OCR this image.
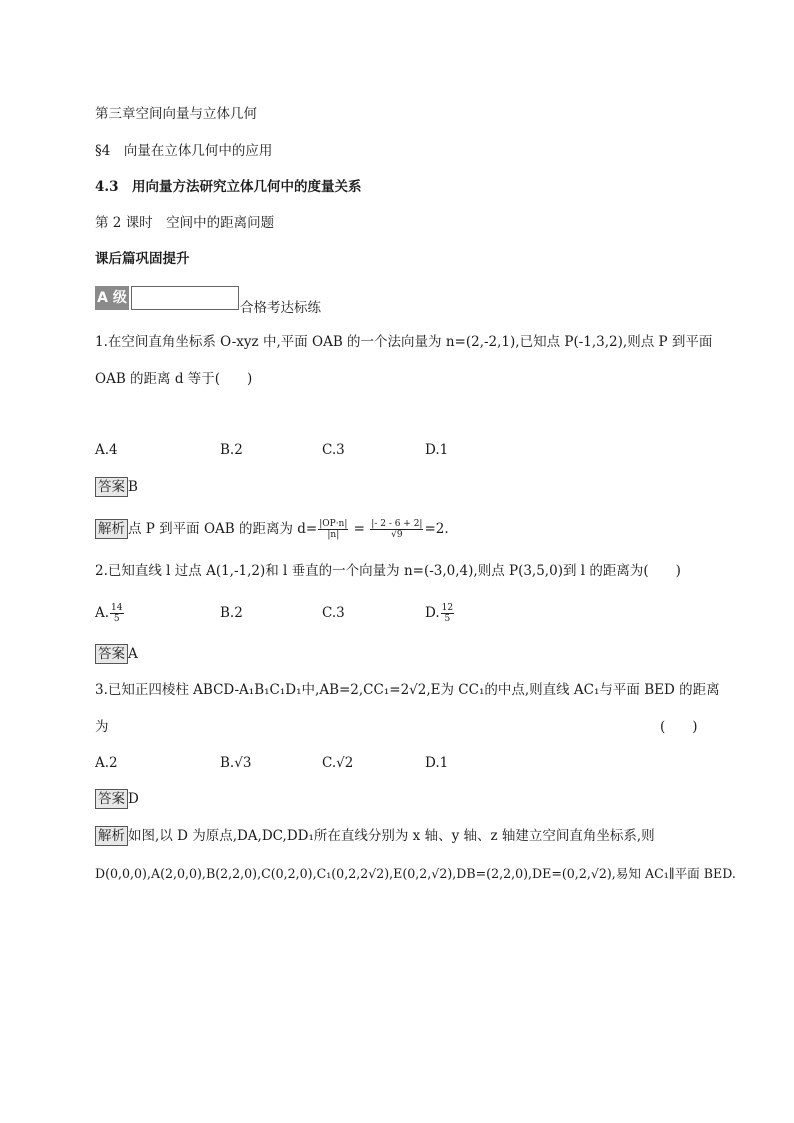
第三章空间向量与立体几何
§4　向量在立体几何中的应用
4.3　用向量方法研究立体几何中的度量关系
第 2 课时　空间中的距离问题
课后篇巩固提升
A 级
合格考达标练
1.在空间直角坐标系 O-xyz 中,平面 OAB 的一个法向量为 n=(2,-2,1),已知点 P(-1,3,2),则点 P 到平面
OAB 的距离 d 等于(　　)
A.4	B.2	C.3	D.1
答案 B
解析 点 P 到平面 OAB 的距离为 $d= \frac{|OP\cdot n|}{|n|} = \frac{|- 2 - 6 + 2|}{√9} =2$.
2.已知直线 l 过点 A(1,-1,2)和 l 垂直的一个向量为 n=(-3,0,4),则点 P(3,5,0)到 l 的距离为(　　)
A. $\frac{14}{5}$	B.2	C.3	D. $\frac{12}{5}$
答案 A
3.已知正四棱柱 ABCD-A₁B₁C₁D₁中,AB=2,CC₁=2√2,E为 CC₁的中点,则直线 AC₁与平面 BED 的距离
为	(　　)
A.2	B.√3	C.√2	D.1
答案 D
解析 如图,以 D 为原点,DA,DC,DD₁所在直线分别为 x 轴、y 轴、z 轴建立空间直角坐标系,则
D(0,0,0),A(2,0,0),B(2,2,0),C(0,2,0),C₁(0,2,2√2),E(0,2,√2),DB=(2,2,0),DE=(0,2,√2),易知 AC₁∥平面 BED.
